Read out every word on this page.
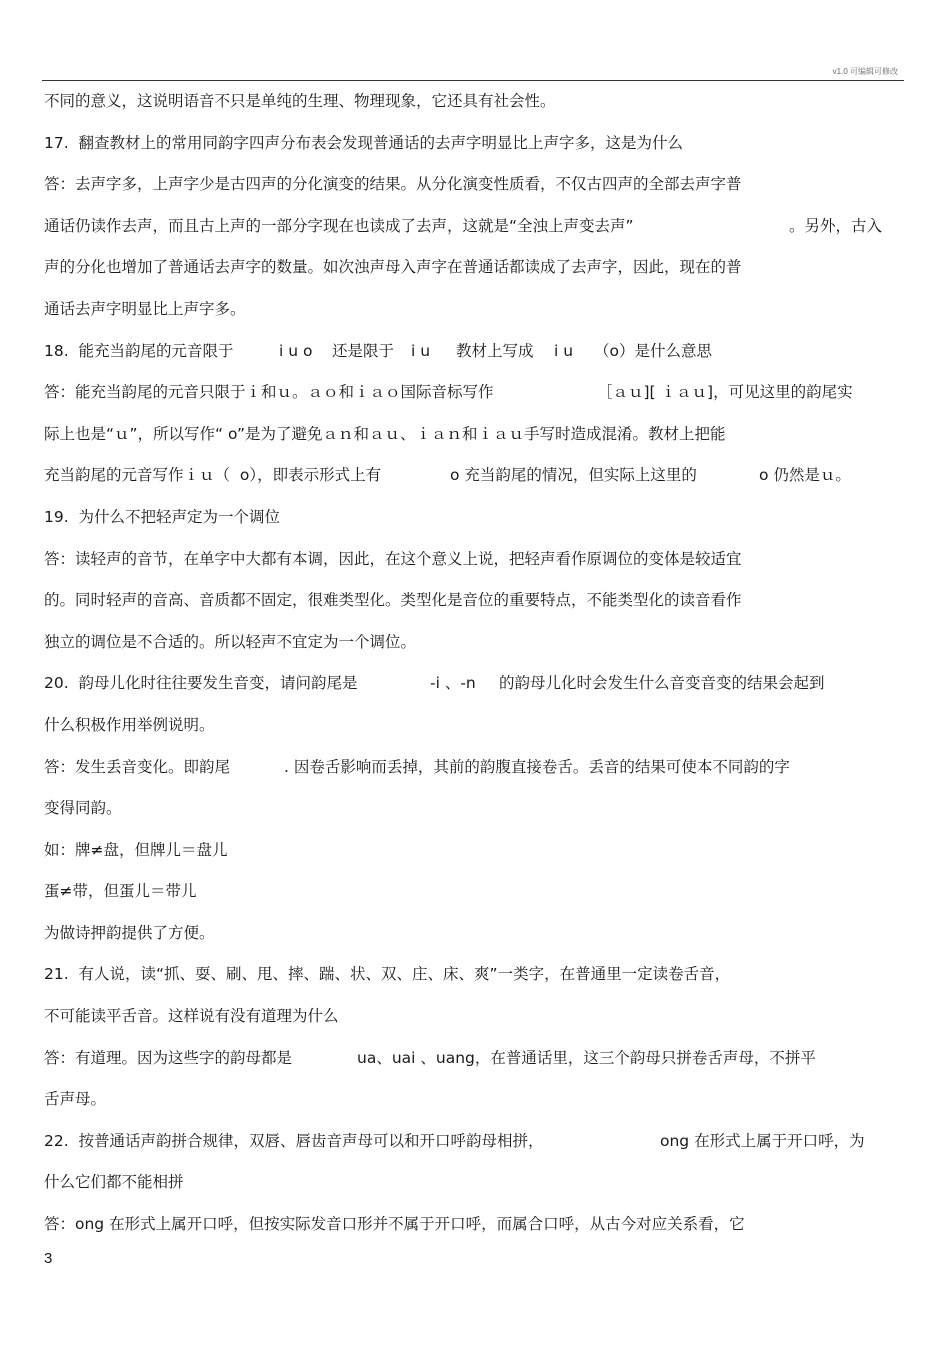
v1.0 可编辑可修改
不同的意义，这说明语音不只是单纯的生理、物理现象，它还具有社会性。
17.  翻查教材上的常用同韵字四声分布表会发现普通话的去声字明显比上声字多，这是为什么
答：去声字多，上声字少是古四声的分化演变的结果。从分化演变性质看，不仅古四声的全部去声字普
通话仍读作去声，而且古上声的一部分字现在也读成了去声，这就是“全浊上声变去声”	。另外，古入
声的分化也增加了普通话去声字的数量。如次浊声母入声字在普通话都读成了去声字，因此，现在的普
通话去声字明显比上声字多。
18.  能充当韵尾的元音限于	i u o 还是限于 i u 教材上写成 i u （o）是什么意思
答：能充当韵尾的元音只限于ｉ和ｕ。ａｏ和ｉａｏ国际音标写作	［ａｕ][ ｉａｕ]，可见这里的韵尾实
际上也是“ｕ”，所以写作“ o”是为了避免ａｎ和ａｕ、ｉａｎ和ｉａｕ手写时造成混淆。教材上把能
充当韵尾的元音写作ｉｕ（  o），即表示形式上有	o 充当韵尾的情况，但实际上这里的	o 仍然是ｕ。
19.  为什么不把轻声定为一个调位
答：读轻声的音节，在单字中大都有本调，因此，在这个意义上说，把轻声看作原调位的变体是较适宜
的。同时轻声的音高、音质都不固定，很难类型化。类型化是音位的重要特点，不能类型化的读音看作
独立的调位是不合适的。所以轻声不宜定为一个调位。
20.  韵母儿化时往往要发生音变，请问韵尾是	-i 、-n 的韵母儿化时会发生什么音变音变的结果会起到
什么积极作用举例说明。
答：发生丢音变化。即韵尾	. 因卷舌影响而丢掉，其前的韵腹直接卷舌。丢音的结果可使本不同韵的字
变得同韵。
如：牌≠盘，但牌儿＝盘儿
蛋≠带，但蛋儿＝带儿
为做诗押韵提供了方便。
21.  有人说，读“抓、耍、刷、甩、摔、踹、状、双、庄、床、爽”一类字，在普通里一定读卷舌音，
不可能读平舌音。这样说有没有道理为什么
答：有道理。因为这些字的韵母都是	ua、uai 、uang，在普通话里，这三个韵母只拼卷舌声母，不拼平
舌声母。
22.  按普通话声韵拼合规律，双唇、唇齿音声母可以和开口呼韵母相拼，	ong 在形式上属于开口呼，为
什么它们都不能相拼
答：ong 在形式上属开口呼，但按实际发音口形并不属于开口呼，而属合口呼，从古今对应关系看，它
3
